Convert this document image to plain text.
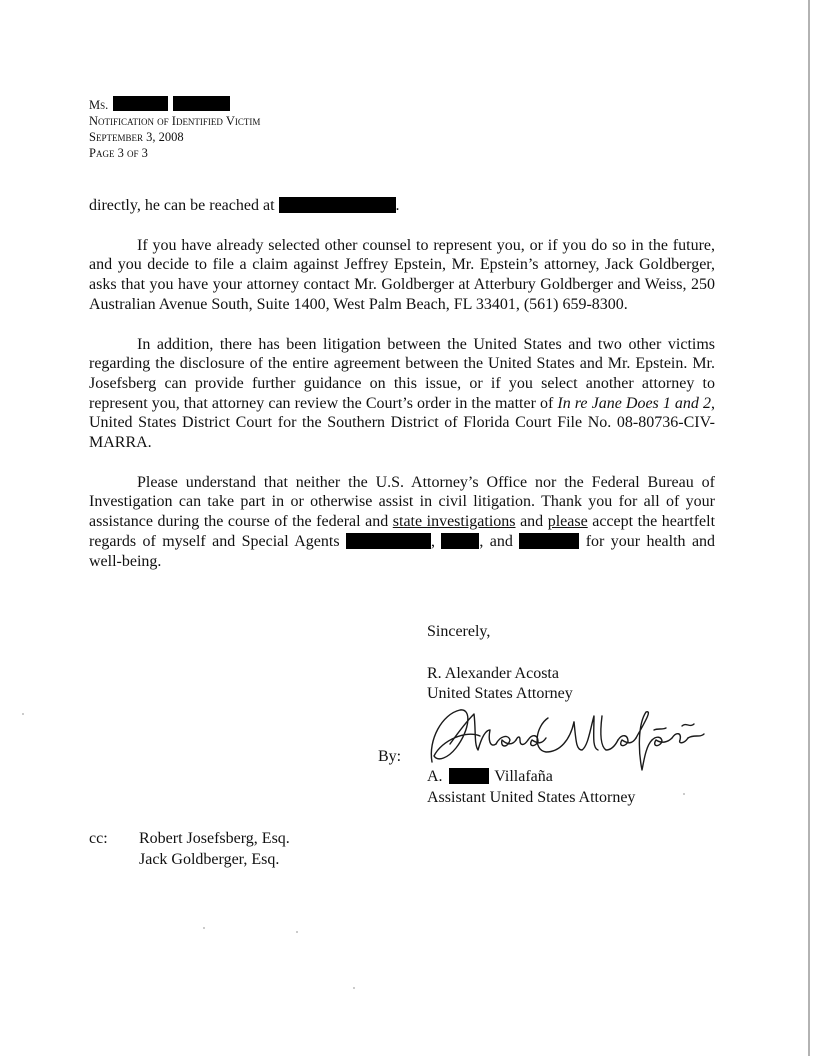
Ms.
Notification of Identified Victim
September 3, 2008
Page 3 of 3

directly, he can be reached at	.

If you have already selected other counsel to represent you, or if you do so in the future, and you decide to file a claim against Jeffrey Epstein, Mr. Epstein’s attorney, Jack Goldberger, asks that you have your attorney contact Mr. Goldberger at Atterbury Goldberger and Weiss, 250 Australian Avenue South, Suite 1400, West Palm Beach, FL 33401, (561) 659-8300.

In addition, there has been litigation between the United States and two other victims regarding the disclosure of the entire agreement between the United States and Mr. Epstein. Mr. Josefsberg can provide further guidance on this issue, or if you select another attorney to represent you, that attorney can review the Court’s order in the matter of In re Jane Does 1 and 2, United States District Court for the Southern District of Florida Court File No. 08-80736-CIV-MARRA.

Please understand that neither the U.S. Attorney’s Office nor the Federal Bureau of Investigation can take part in or otherwise assist in civil litigation. Thank you for all of your assistance during the course of the federal and state investigations and please accept the heartfelt regards of myself and Special Agents	,	, and	for your health and well-being.

Sincerely,
R. Alexander Acosta
United States Attorney
By:
A.	Villafaña
Assistant United States Attorney
cc: Robert Josefsberg, Esq.
Jack Goldberger, Esq.
